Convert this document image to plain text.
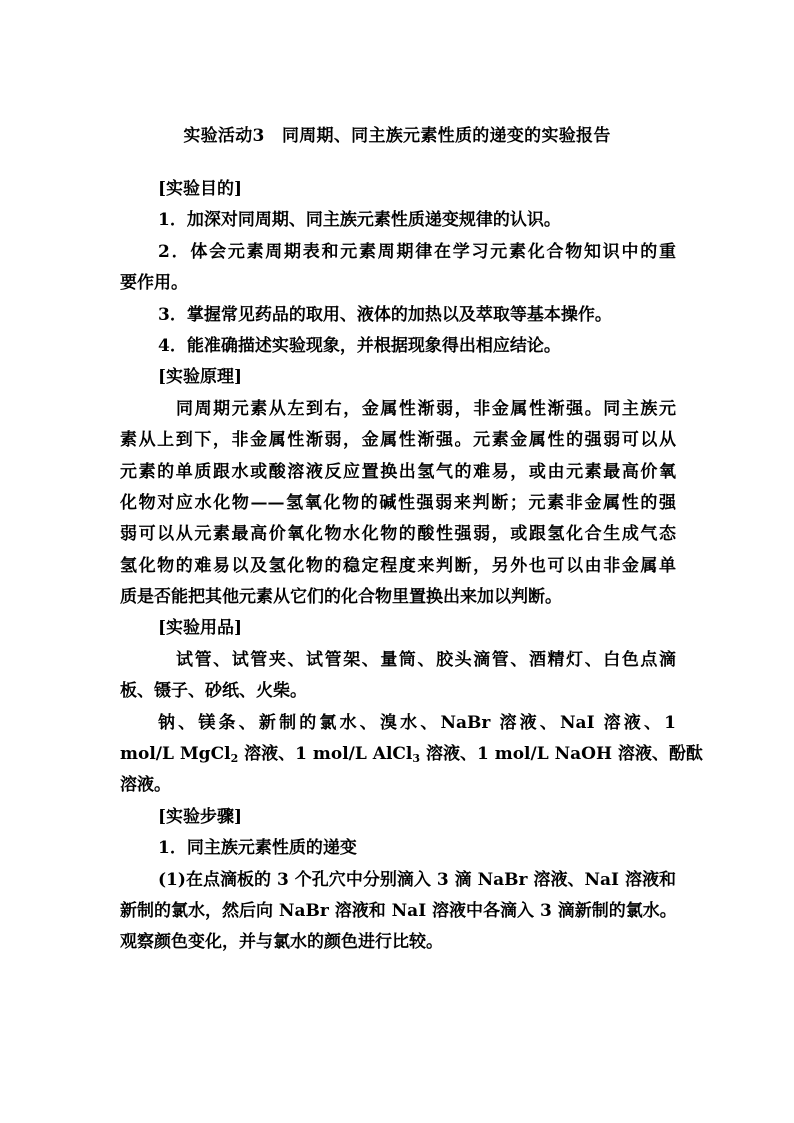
实验活动3　同周期、同主族元素性质的递变的实验报告
[实验目的]
1．加深对同周期、同主族元素性质递变规律的认识。
2．体会元素周期表和元素周期律在学习元素化合物知识中的重
要作用。
3．掌握常见药品的取用、液体的加热以及萃取等基本操作。
4．能准确描述实验现象，并根据现象得出相应结论。
[实验原理]
同周期元素从左到右，金属性渐弱，非金属性渐强。同主族元
素从上到下，非金属性渐弱，金属性渐强。元素金属性的强弱可以从
元素的单质跟水或酸溶液反应置换出氢气的难易，或由元素最高价氧
化物对应水化物——氢氧化物的碱性强弱来判断；元素非金属性的强
弱可以从元素最高价氧化物水化物的酸性强弱，或跟氢化合生成气态
氢化物的难易以及氢化物的稳定程度来判断，另外也可以由非金属单
质是否能把其他元素从它们的化合物里置换出来加以判断。
[实验用品]
试管、试管夹、试管架、量筒、胶头滴管、酒精灯、白色点滴
板、镊子、砂纸、火柴。
钠、镁条、新制的氯水、溴水、NaBr 溶液、NaI 溶液、1
mol/L MgCl$_2$ 溶液、1 mol/L AlCl$_3$ 溶液、1 mol/L NaOH 溶液、酚酞
溶液。
[实验步骤]
1．同主族元素性质的递变
(1)在点滴板的 3 个孔穴中分别滴入 3 滴 NaBr 溶液、NaI 溶液和
新制的氯水，然后向 NaBr 溶液和 NaI 溶液中各滴入 3 滴新制的氯水。
观察颜色变化，并与氯水的颜色进行比较。
